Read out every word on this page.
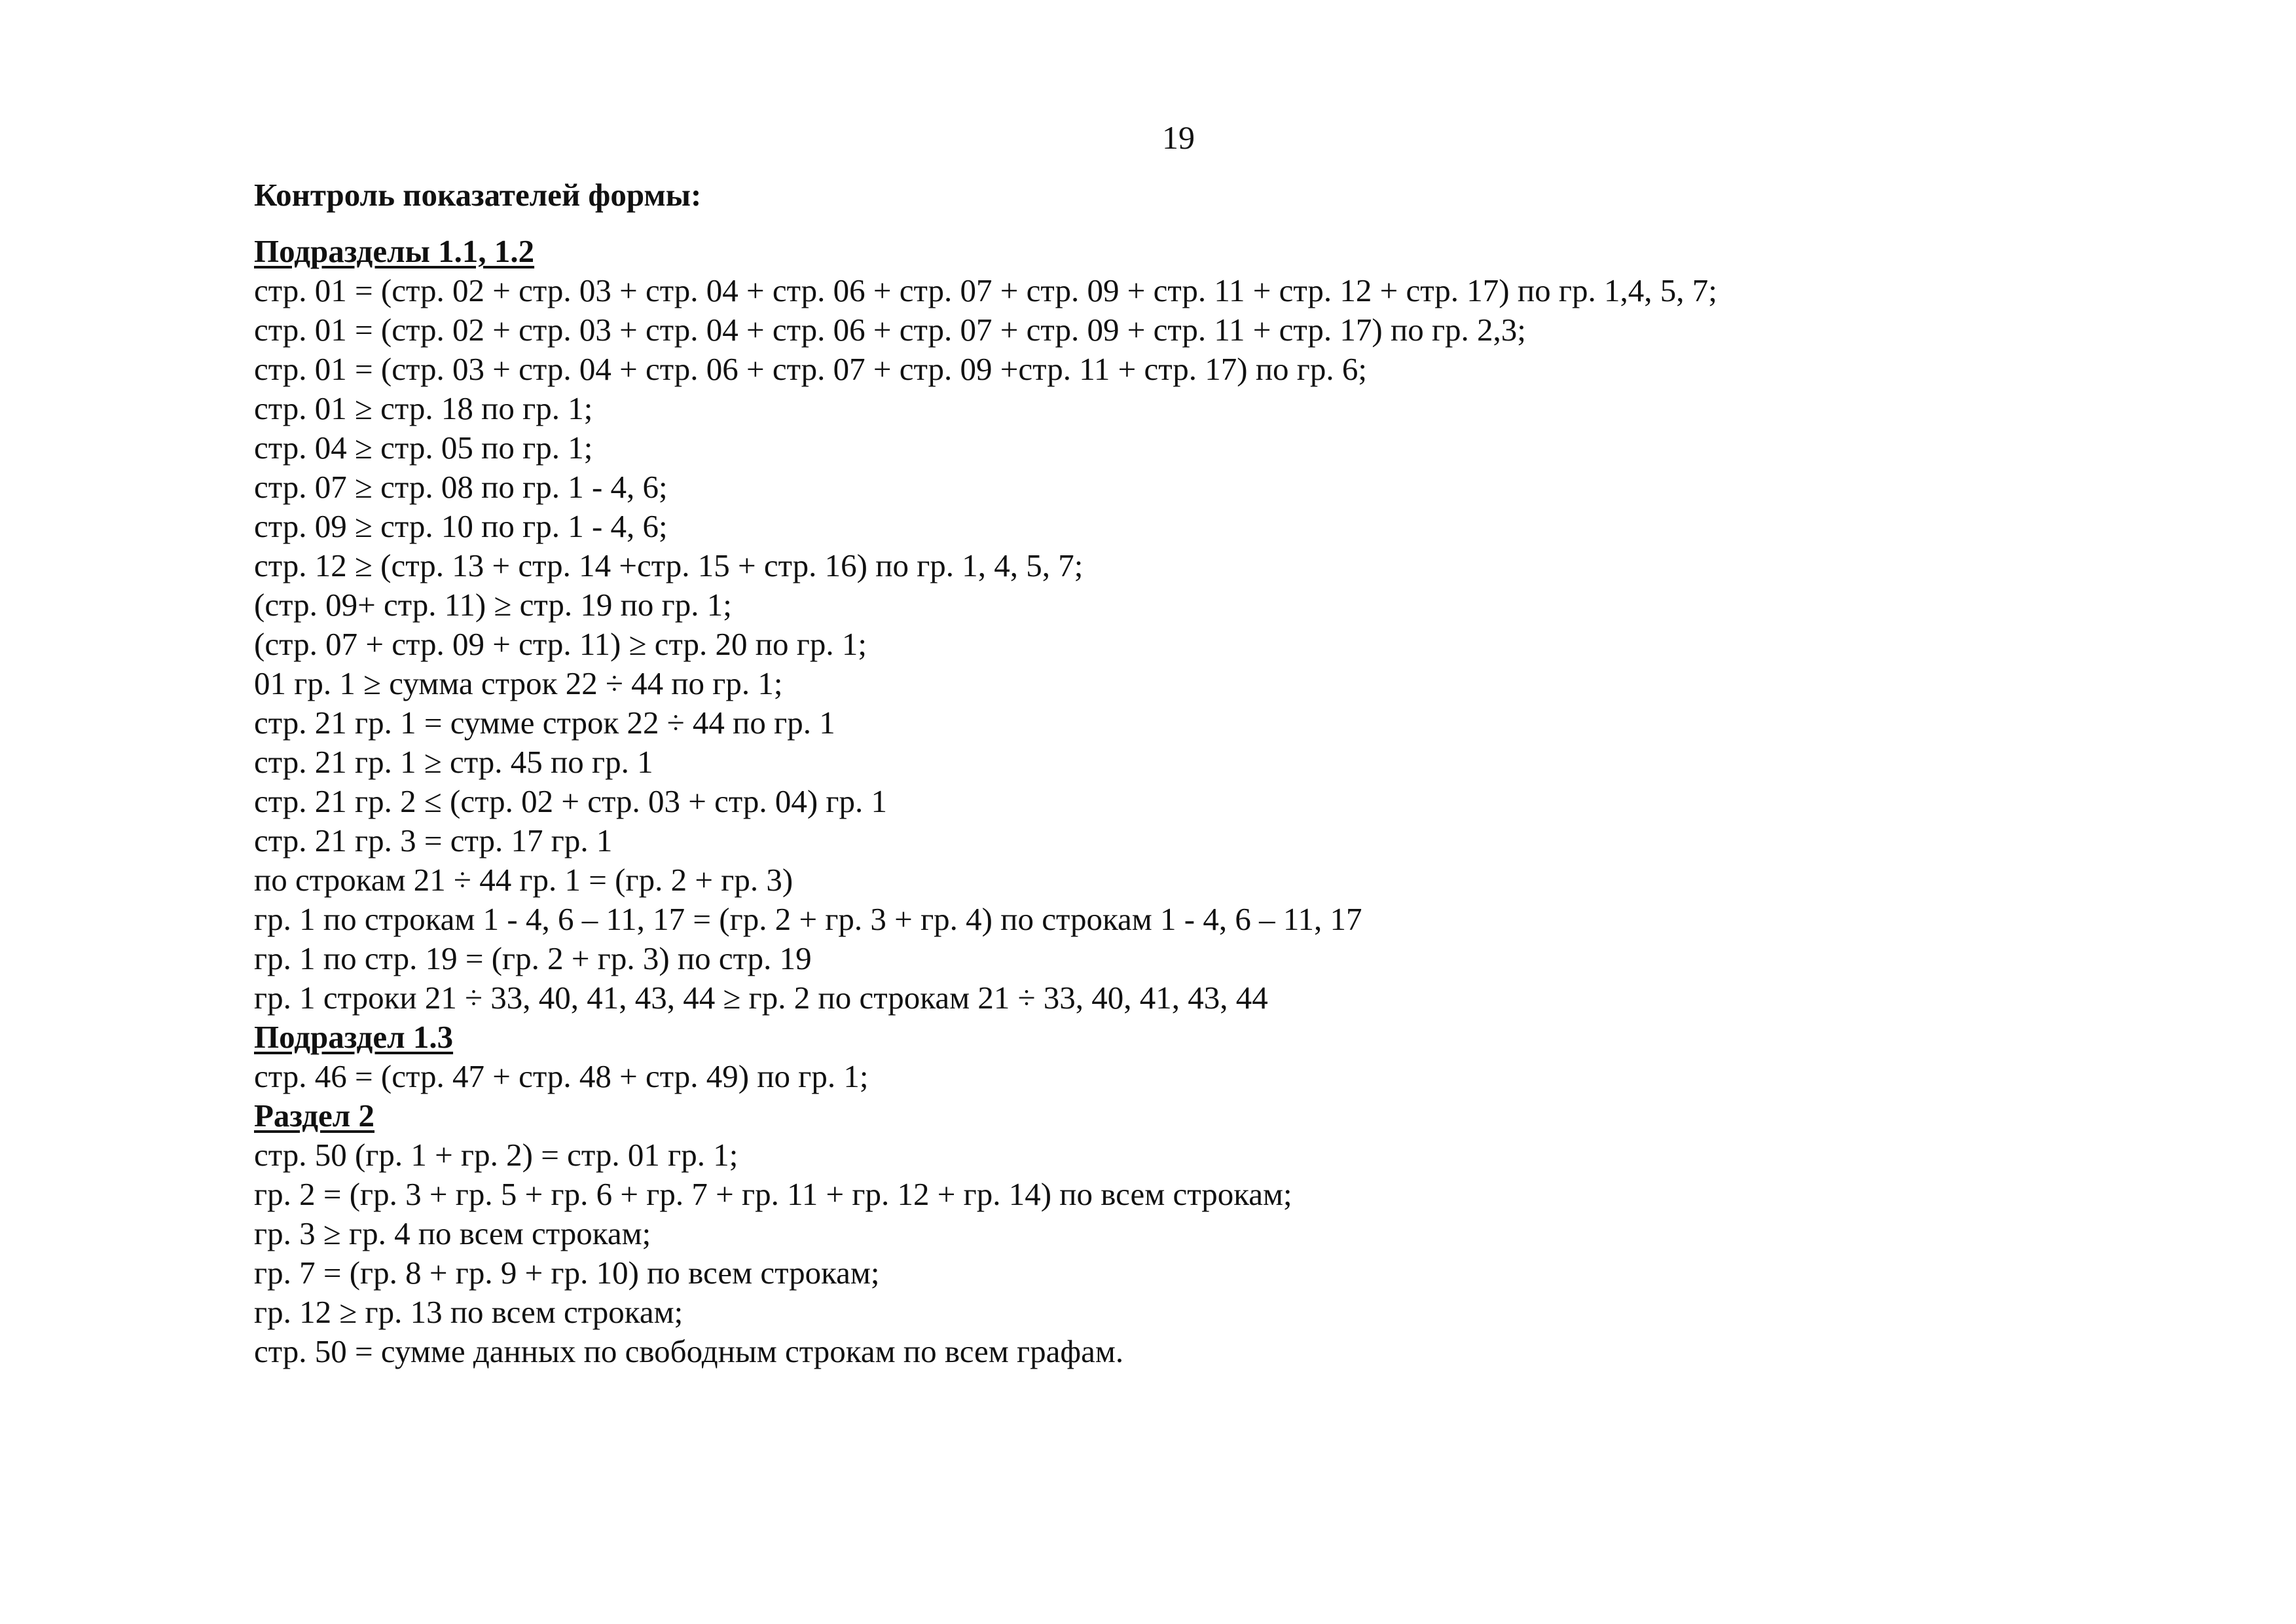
19
Контроль показателей формы:
Подразделы 1.1, 1.2
стр. 01 = (стр. 02 + стр. 03 + стр. 04 + стр. 06 + стр. 07 + стр. 09 + стр. 11 + стр. 12 + стр. 17) по гр. 1,4, 5, 7;
стр. 01 = (стр. 02 + стр. 03 + стр. 04 + стр. 06 + стр. 07 + стр. 09 + стр. 11 + стр. 17) по гр. 2,3;
стр. 01 = (стр. 03 + стр. 04 + стр. 06 + стр. 07 + стр. 09 +стр. 11 + стр. 17) по гр. 6;
стр. 01 ≥ стр. 18 по гр. 1;
стр. 04 ≥ стр. 05 по гр. 1;
стр. 07 ≥ стр. 08 по гр. 1 - 4, 6;
стр. 09 ≥ стр. 10 по гр. 1 - 4, 6;
стр. 12 ≥ (стр. 13 + стр. 14 +стр. 15 + стр. 16) по гр. 1, 4, 5, 7;
(стр. 09+ стр. 11) ≥ стр. 19 по гр. 1;
(стр. 07 + стр. 09 + стр. 11) ≥ стр. 20 по гр. 1;
01 гр. 1 ≥ сумма строк 22 ÷ 44 по гр. 1;
стр. 21 гр. 1 = сумме строк 22 ÷ 44 по гр. 1
стр. 21 гр. 1 ≥ стр. 45 по гр. 1
стр. 21 гр. 2 ≤ (стр. 02 + стр. 03 + стр. 04) гр. 1
стр. 21 гр. 3 = стр. 17 гр. 1
по строкам 21 ÷ 44 гр. 1 = (гр. 2 + гр. 3)
гр. 1 по строкам 1 - 4, 6 – 11, 17 = (гр. 2 + гр. 3 + гр. 4) по строкам 1 - 4, 6 – 11, 17
гр. 1 по стр. 19 = (гр. 2 + гр. 3) по стр. 19
гр. 1 строки 21 ÷ 33, 40, 41, 43, 44 ≥ гр. 2 по строкам 21 ÷ 33, 40, 41, 43, 44
Подраздел 1.3
стр. 46 = (стр. 47 + стр. 48 + стр. 49) по гр. 1;
Раздел 2
стр. 50 (гр. 1 + гр. 2) = стр. 01 гр. 1;
гр. 2 = (гр. 3 + гр. 5 + гр. 6 + гр. 7 + гр. 11 + гр. 12 + гр. 14) по всем строкам;
гр. 3 ≥ гр. 4 по всем строкам;
гр. 7 = (гр. 8 + гр. 9 + гр. 10) по всем строкам;
гр. 12 ≥ гр. 13 по всем строкам;
стр. 50 = сумме данных по свободным строкам по всем графам.
